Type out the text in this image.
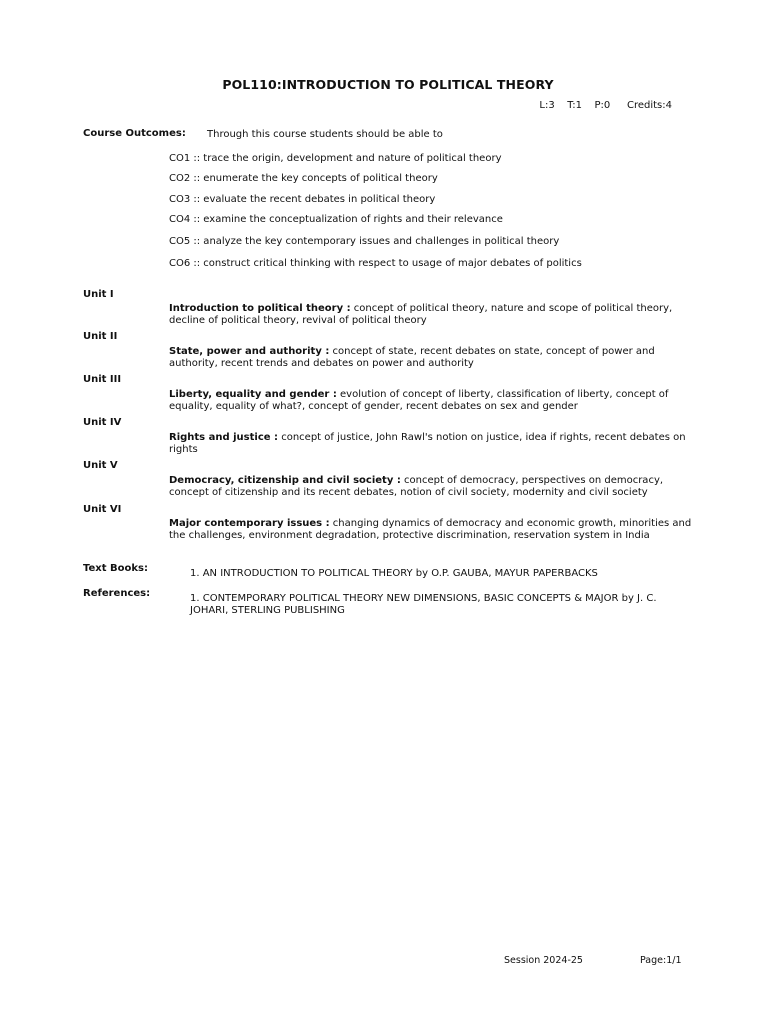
POL110:INTRODUCTION TO POLITICAL THEORY
L:3   T:1   P:0    Credits:4
Course Outcomes: Through this course students should be able to
CO1 :: trace the origin, development and nature of political theory
CO2 :: enumerate the key concepts of political theory
CO3 :: evaluate the recent debates in political theory
CO4 :: examine the conceptualization of rights and their relevance
CO5 :: analyze the key contemporary issues and challenges in political theory
CO6 :: construct critical thinking with respect to usage of major debates of politics
Unit I
Introduction to political theory : concept of political theory, nature and scope of political theory, decline of political theory, revival of political theory
Unit II
State, power and authority : concept of state, recent debates on state, concept of power and authority, recent trends and debates on power and authority
Unit III
Liberty, equality and gender : evolution of concept of liberty, classification of liberty, concept of equality, equality of what?, concept of gender, recent debates on sex and gender
Unit IV
Rights and justice : concept of justice, John Rawl's notion on justice, idea if rights, recent debates on rights
Unit V
Democracy, citizenship and civil society : concept of democracy, perspectives on democracy, concept of citizenship and its recent debates, notion of civil society, modernity and civil society
Unit VI
Major contemporary issues : changing dynamics of democracy and economic growth, minorities and the challenges, environment degradation, protective discrimination, reservation system in India
Text Books:	1. AN INTRODUCTION TO POLITICAL THEORY by O.P. GAUBA, MAYUR PAPERBACKS
References:	1. CONTEMPORARY POLITICAL THEORY NEW DIMENSIONS, BASIC CONCEPTS & MAJOR by J. C. JOHARI, STERLING PUBLISHING
Session 2024-25	Page:1/1
